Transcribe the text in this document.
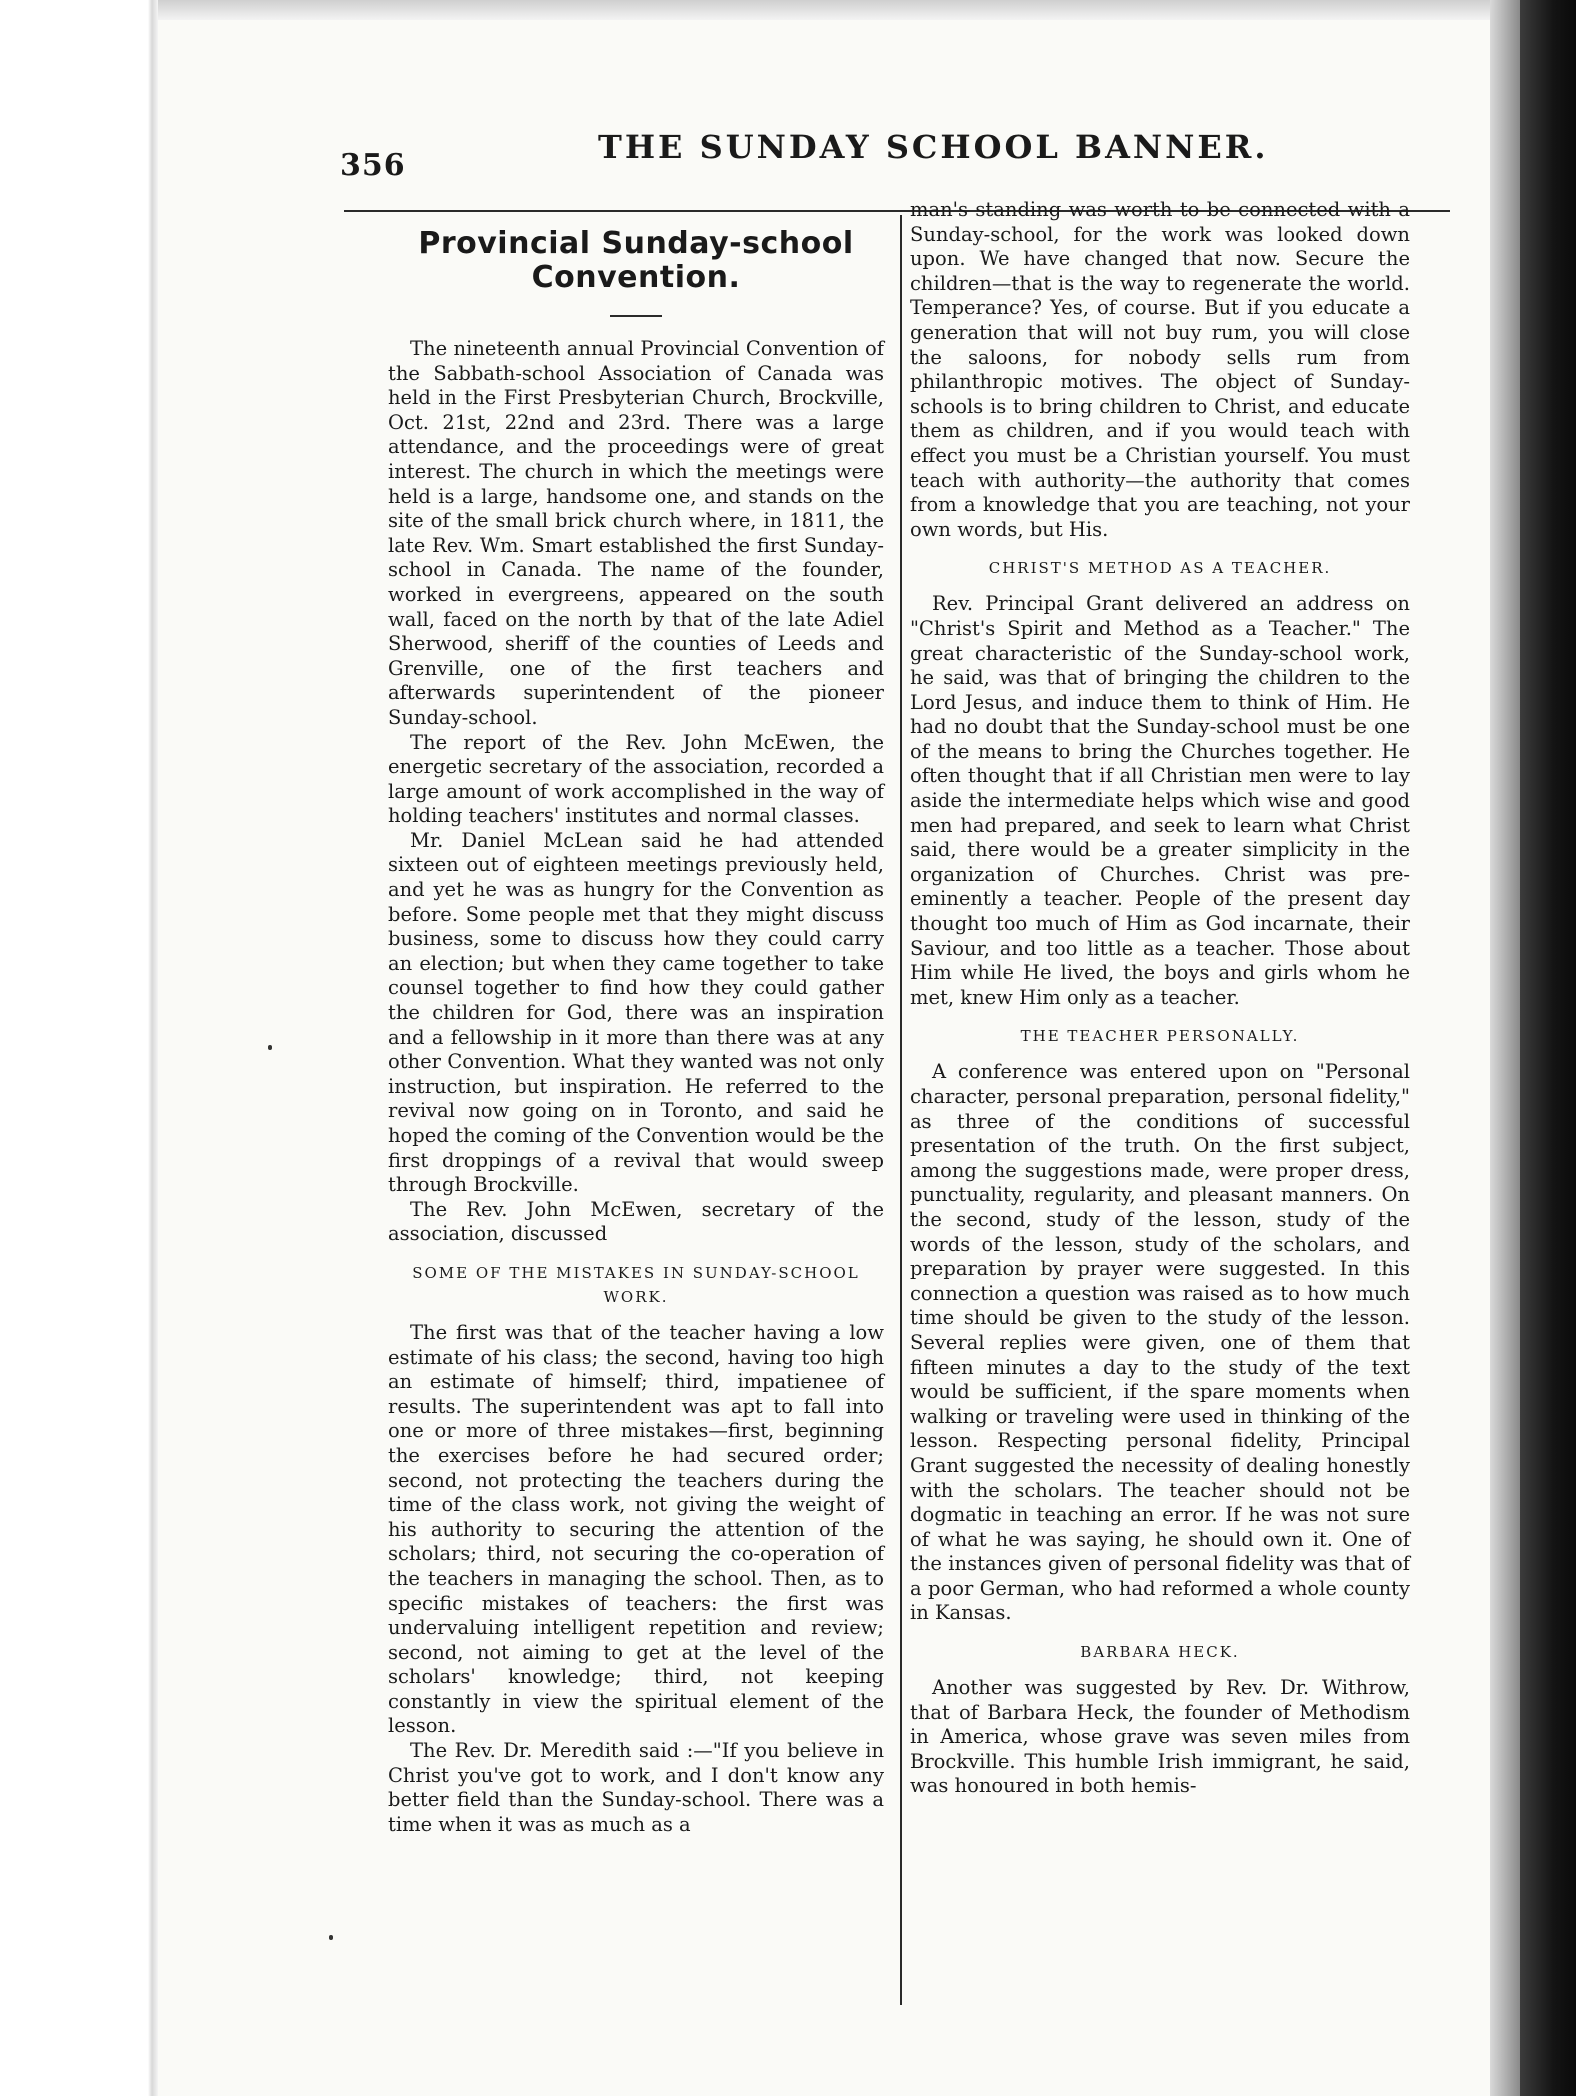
356	THE SUNDAY SCHOOL BANNER.
Provincial Sunday-school Convention.

The nineteenth annual Provincial Convention of the Sabbath-school Association of Canada was held in the First Presbyterian Church, Brockville, Oct. 21st, 22nd and 23rd. There was a large attendance, and the proceedings were of great interest. The church in which the meetings were held is a large, handsome one, and stands on the site of the small brick church where, in 1811, the late Rev. Wm. Smart established the first Sunday-school in Canada. The name of the founder, worked in evergreens, appeared on the south wall, faced on the north by that of the late Adiel Sherwood, sheriff of the counties of Leeds and Grenville, one of the first teachers and afterwards superintendent of the pioneer Sunday-school.

The report of the Rev. John McEwen, the energetic secretary of the association, recorded a large amount of work accomplished in the way of holding teachers' institutes and normal classes.

Mr. Daniel McLean said he had attended sixteen out of eighteen meetings previously held, and yet he was as hungry for the Convention as before. Some people met that they might discuss business, some to discuss how they could carry an election; but when they came together to take counsel together to find how they could gather the children for God, there was an inspiration and a fellowship in it more than there was at any other Convention. What they wanted was not only instruction, but inspiration. He referred to the revival now going on in Toronto, and said he hoped the coming of the Convention would be the first droppings of a revival that would sweep through Brockville.

The Rev. John McEwen, secretary of the association, discussed

SOME OF THE MISTAKES IN SUNDAY-SCHOOL WORK.

The first was that of the teacher having a low estimate of his class; the second, having too high an estimate of himself; third, impatienee of results. The superintendent was apt to fall into one or more of three mistakes—first, beginning the exercises before he had secured order; second, not protecting the teachers during the time of the class work, not giving the weight of his authority to securing the attention of the scholars; third, not securing the co-operation of the teachers in managing the school. Then, as to specific mistakes of teachers: the first was undervaluing intelligent repetition and review; second, not aiming to get at the level of the scholars' knowledge; third, not keeping constantly in view the spiritual element of the lesson.

The Rev. Dr. Meredith said :—"If you believe in Christ you've got to work, and I don't know any better field than the Sunday-school. There was a time when it was as much as a

man's standing was worth to be connected with a Sunday-school, for the work was looked down upon. We have changed that now. Secure the children—that is the way to regenerate the world. Temperance? Yes, of course. But if you educate a generation that will not buy rum, you will close the saloons, for nobody sells rum from philanthropic motives. The object of Sunday-schools is to bring children to Christ, and educate them as children, and if you would teach with effect you must be a Christian yourself. You must teach with authority—the authority that comes from a knowledge that you are teaching, not your own words, but His.

CHRIST'S METHOD AS A TEACHER.

Rev. Principal Grant delivered an address on "Christ's Spirit and Method as a Teacher." The great characteristic of the Sunday-school work, he said, was that of bringing the children to the Lord Jesus, and induce them to think of Him. He had no doubt that the Sunday-school must be one of the means to bring the Churches together. He often thought that if all Christian men were to lay aside the intermediate helps which wise and good men had prepared, and seek to learn what Christ said, there would be a greater simplicity in the organization of Churches. Christ was pre-eminently a teacher. People of the present day thought too much of Him as God incarnate, their Saviour, and too little as a teacher. Those about Him while He lived, the boys and girls whom he met, knew Him only as a teacher.

THE TEACHER PERSONALLY.

A conference was entered upon on "Personal character, personal preparation, personal fidelity," as three of the conditions of successful presentation of the truth. On the first subject, among the suggestions made, were proper dress, punctuality, regularity, and pleasant manners. On the second, study of the lesson, study of the words of the lesson, study of the scholars, and preparation by prayer were suggested. In this connection a question was raised as to how much time should be given to the study of the lesson. Several replies were given, one of them that fifteen minutes a day to the study of the text would be sufficient, if the spare moments when walking or traveling were used in thinking of the lesson. Respecting personal fidelity, Principal Grant suggested the necessity of dealing honestly with the scholars. The teacher should not be dogmatic in teaching an error. If he was not sure of what he was saying, he should own it. One of the instances given of personal fidelity was that of a poor German, who had reformed a whole county in Kansas.

BARBARA HECK.

Another was suggested by Rev. Dr. Withrow, that of Barbara Heck, the founder of Methodism in America, whose grave was seven miles from Brockville. This humble Irish immigrant, he said, was honoured in both hemis-
